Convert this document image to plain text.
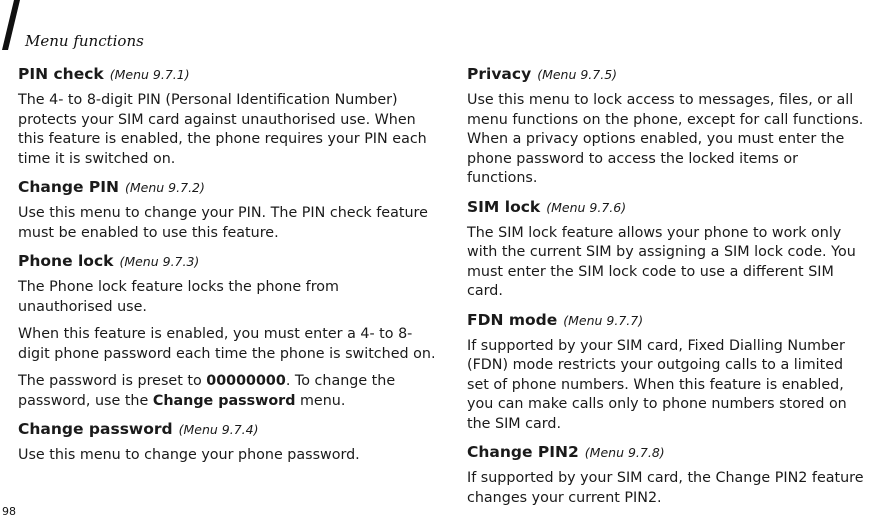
Menu functions
PIN check (Menu 9.7.1)

The 4- to 8-digit PIN (Personal Identification Number) protects your SIM card against unauthorised use. When this feature is enabled, the phone requires your PIN each time it is switched on.

Change PIN (Menu 9.7.2)

Use this menu to change your PIN. The PIN check feature must be enabled to use this feature.

Phone lock (Menu 9.7.3)

The Phone lock feature locks the phone from unauthorised use.

When this feature is enabled, you must enter a 4- to 8-digit phone password each time the phone is switched on.

The password is preset to 00000000. To change the password, use the Change password menu.

Change password (Menu 9.7.4)

Use this menu to change your phone password.

Privacy (Menu 9.7.5)

Use this menu to lock access to messages, files, or all menu functions on the phone, except for call functions. When a privacy options enabled, you must enter the phone password to access the locked items or functions.

SIM lock (Menu 9.7.6)

The SIM lock feature allows your phone to work only with the current SIM by assigning a SIM lock code. You must enter the SIM lock code to use a different SIM card.

FDN mode (Menu 9.7.7)

If supported by your SIM card, Fixed Dialling Number (FDN) mode restricts your outgoing calls to a limited set of phone numbers. When this feature is enabled, you can make calls only to phone numbers stored on the SIM card.

Change PIN2 (Menu 9.7.8)

If supported by your SIM card, the Change PIN2 feature changes your current PIN2.

98
